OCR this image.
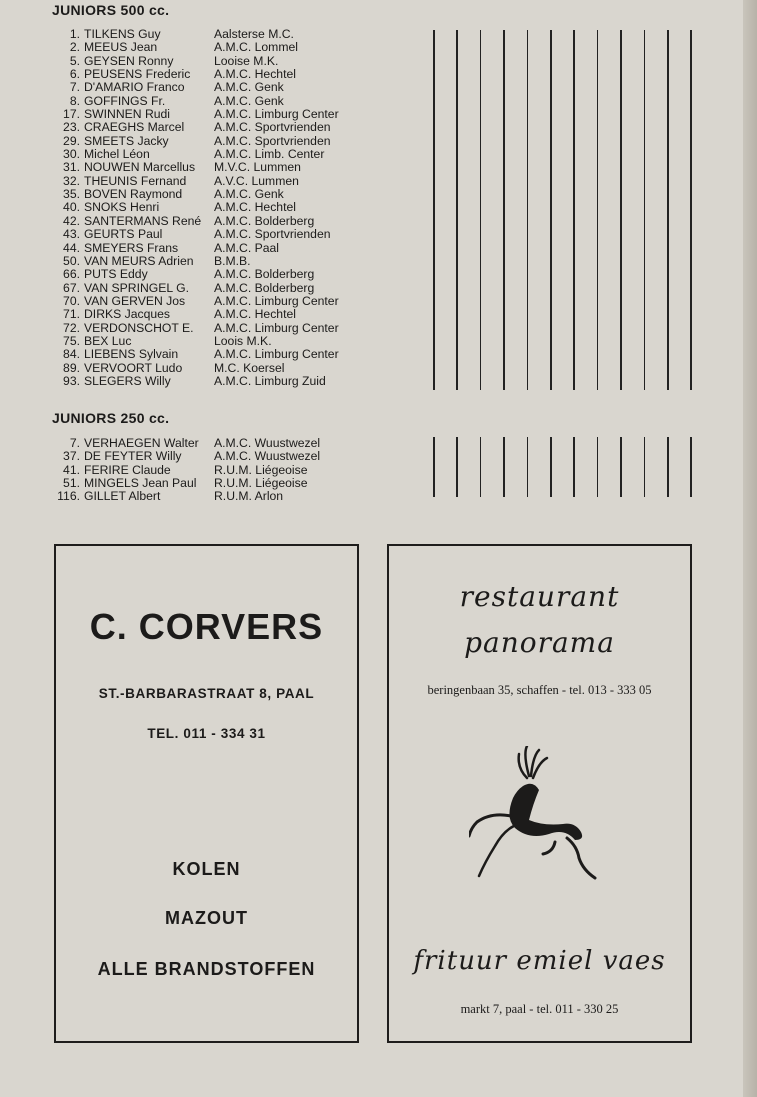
JUNIORS 500 cc.
1. TILKENS Guy	Aalsterse M.C.
2. MEEUS Jean	A.M.C. Lommel
5. GEYSEN Ronny	Looise M.K.
6. PEUSENS Frederic	A.M.C. Hechtel
7. D'AMARIO Franco	A.M.C. Genk
8. GOFFINGS Fr.	A.M.C. Genk
17. SWINNEN Rudi	A.M.C. Limburg Center
23. CRAEGHS Marcel	A.M.C. Sportvrienden
29. SMEETS Jacky	A.M.C. Sportvrienden
30. Michel Léon	A.M.C. Limb. Center
31. NOUWEN Marcellus	M.V.C. Lummen
32. THEUNIS Fernand	A.V.C. Lummen
35. BOVEN Raymond	A.M.C. Genk
40. SNOKS Henri	A.M.C. Hechtel
42. SANTERMANS René	A.M.C. Bolderberg
43. GEURTS Paul	A.M.C. Sportvrienden
44. SMEYERS Frans	A.M.C. Paal
50. VAN MEURS Adrien	B.M.B.
66. PUTS Eddy	A.M.C. Bolderberg
67. VAN SPRINGEL G.	A.M.C. Bolderberg
70. VAN GERVEN Jos	A.M.C. Limburg Center
71. DIRKS Jacques	A.M.C. Hechtel
72. VERDONSCHOT E.	A.M.C. Limburg Center
75. BEX Luc	Loois M.K.
84. LIEBENS Sylvain	A.M.C. Limburg Center
89. VERVOORT Ludo	M.C. Koersel
93. SLEGERS Willy	A.M.C. Limburg Zuid
JUNIORS 250 cc.
7. VERHAEGEN Walter	A.M.C. Wuustwezel
37. DE FEYTER Willy	A.M.C. Wuustwezel
41. FERIRE Claude	R.U.M. Liégeoise
51. MINGELS Jean Paul	R.U.M. Liégeoise
116. GILLET Albert	R.U.M. Arlon
C. CORVERS
ST.-BARBARASTRAAT 8, PAAL
TEL. 011 - 334 31
KOLEN
MAZOUT
ALLE BRANDSTOFFEN
restaurant
panorama
beringenbaan 35, schaffen - tel. 013 - 333 05
frituur emiel vaes
markt 7, paal - tel. 011 - 330 25
